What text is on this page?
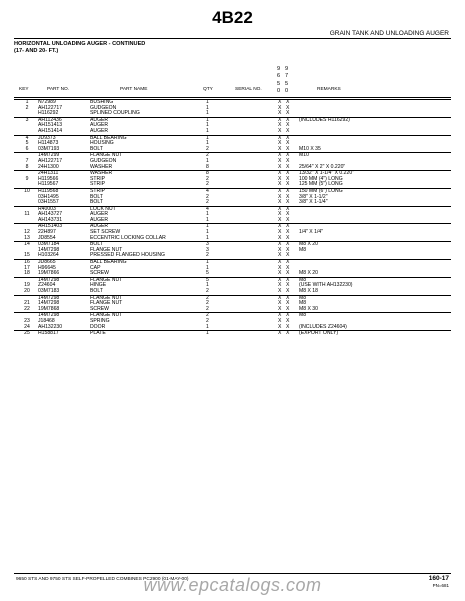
4B22
GRAIN TANK AND UNLOADING AUGER
HORIZONTAL UNLOADING AUGER - CONTINUED
(17- AND 20- FT.)
9
6
5
0
9
7
5
0
KEY	PART NO.	PART NAME	QTY	SERIAL NO.	REMARKS
1	N72989	BUSHING	1	X X
2	AH122717	GUDGEON	1	X X
H116292	SPLINED COUPLING	1	X X
3	AH112436	AUGER	1	X X (INCLUDES H116292)
AH151413	AUGER	1	X X
AH151414	AUGER	1	X X
4	JD9373	BALL BEARING	1	X X
5	H114873	HOUSING	1	X X
6	03M7193	BOLT	2	X X M10 X 35
14M7299	FLANGE NUT	2	X X M10
7	AH122717	GUDGEON	1	X X
8	24H1300	WASHER	8	X X 25/64" X 2" X 0.220"
24H1311	WASHER	8	X X 13/32" X 1-1/4" X 0.220"
9	H119566	STRIP	2	X X 100 MM (4") LONG
H119567	STRIP	2	X X 125 MM (5") LONG
10	H119568	STRIP	4	X X 150 MM (6") LONG
03H1495	BOLT	2	X X 3/8" X 1-1/2"
03H1557	BOLT	2	X X 3/8" X 1-1/4"
R40003	LOCK NUT	4	X X
11	AH143727	AUGER	1	X X
AH143731	AUGER	1	X X
AH151403	AUGER	1	X X
12	22H897	SET SCREW	1	X X 1/4" X 1/4"
13	JD8554	ECCENTRIC LOCKING COLLAR	1	X X
14	03M7184	BOLT	3	X X M8 X 20
14M7298	FLANGE NUT	3	X X M8
15	H103264	PRESSED FLANGED HOUSING	2	X X
16	JD8665	BALL BEARING	1	X X
17	H96645	CAP	1	X X
18	19M7866	SCREW	5	X X M8 X 20
14M7298	FLANGE NUT	5	X X M8
19	Z24604	HINGE	1	X X (USE WITH AH132230)
20	03M7183	BOLT	2	X X M8 X 18
14M7298	FLANGE NUT	2	X X M8
21	14M7298	FLANGE NUT	2	X X M8
22	19M7868	SCREW	2	X X M8 X 30
14M7298	FLANGE NUT	2	X X M8
23	J18468	SPRING	2	X X
24	AH132230	DOOR	1	X X (INCLUDES Z24604)
25	H158817	PLATE	1	X X (EXPORT ONLY)
9650 STS AND 9750 STS SELF-PROPELLED COMBINES PC2900 (01-MAY-00)
www.epcatalogs.com	160-17
PN=681
